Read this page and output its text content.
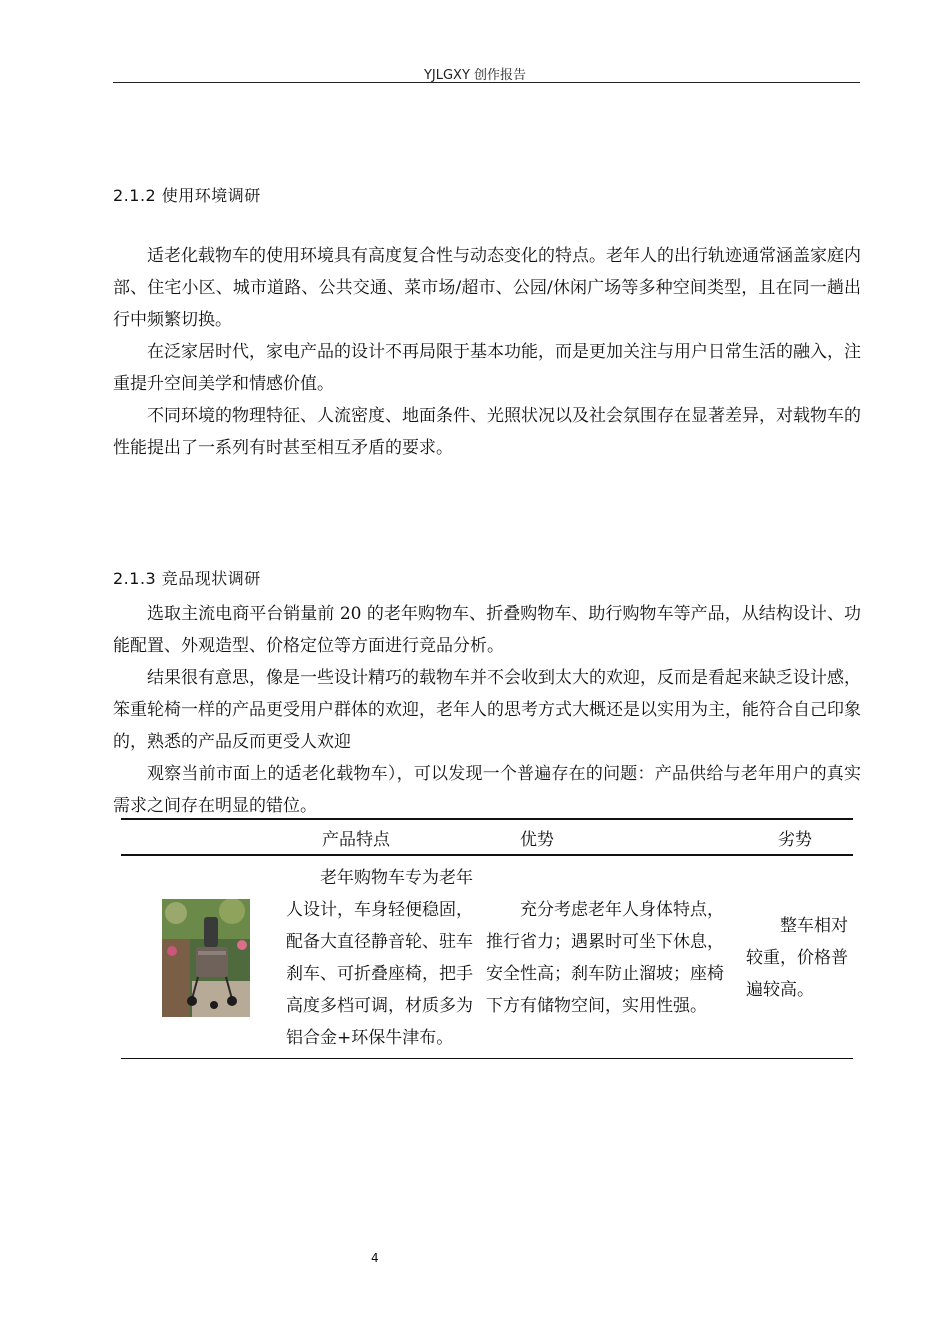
YJLGXY 创作报告
2.1.2 使用环境调研

适老化载物车的使用环境具有高度复合性与动态变化的特点。老年人的出行轨迹通常涵盖家庭内部、住宅小区、城市道路、公共交通、菜市场/超市、公园/休闲广场等多种空间类型，且在同一趟出行中频繁切换。

在泛家居时代，家电产品的设计不再局限于基本功能，而是更加关注与用户日常生活的融入，注重提升空间美学和情感价值。

不同环境的物理特征、人流密度、地面条件、光照状况以及社会氛围存在显著差异，对载物车的性能提出了一系列有时甚至相互矛盾的要求。

2.1.3 竞品现状调研

选取主流电商平台销量前 20 的老年购物车、折叠购物车、助行购物车等产品，从结构设计、功能配置、外观造型、价格定位等方面进行竞品分析。

结果很有意思，像是一些设计精巧的载物车并不会收到太大的欢迎，反而是看起来缺乏设计感，笨重轮椅一样的产品更受用户群体的欢迎，老年人的思考方式大概还是以实用为主，能符合自己印象的，熟悉的产品反而更受人欢迎

观察当前市面上的适老化载物车），可以发现一个普遍存在的问题：产品供给与老年用户的真实需求之间存在明显的错位。

	产品特点	优势	劣势

	老年购物车专为老年人设计，车身轻便稳固，配备大直径静音轮、驻车刹车、可折叠座椅，把手高度多档可调，材质多为铝合金+环保牛津布。	充分考虑老年人身体特点，推行省力；遇累时可坐下休息，安全性高；刹车防止溜坡；座椅下方有储物空间，实用性强。	整车相对较重，价格普遍较高。
4
